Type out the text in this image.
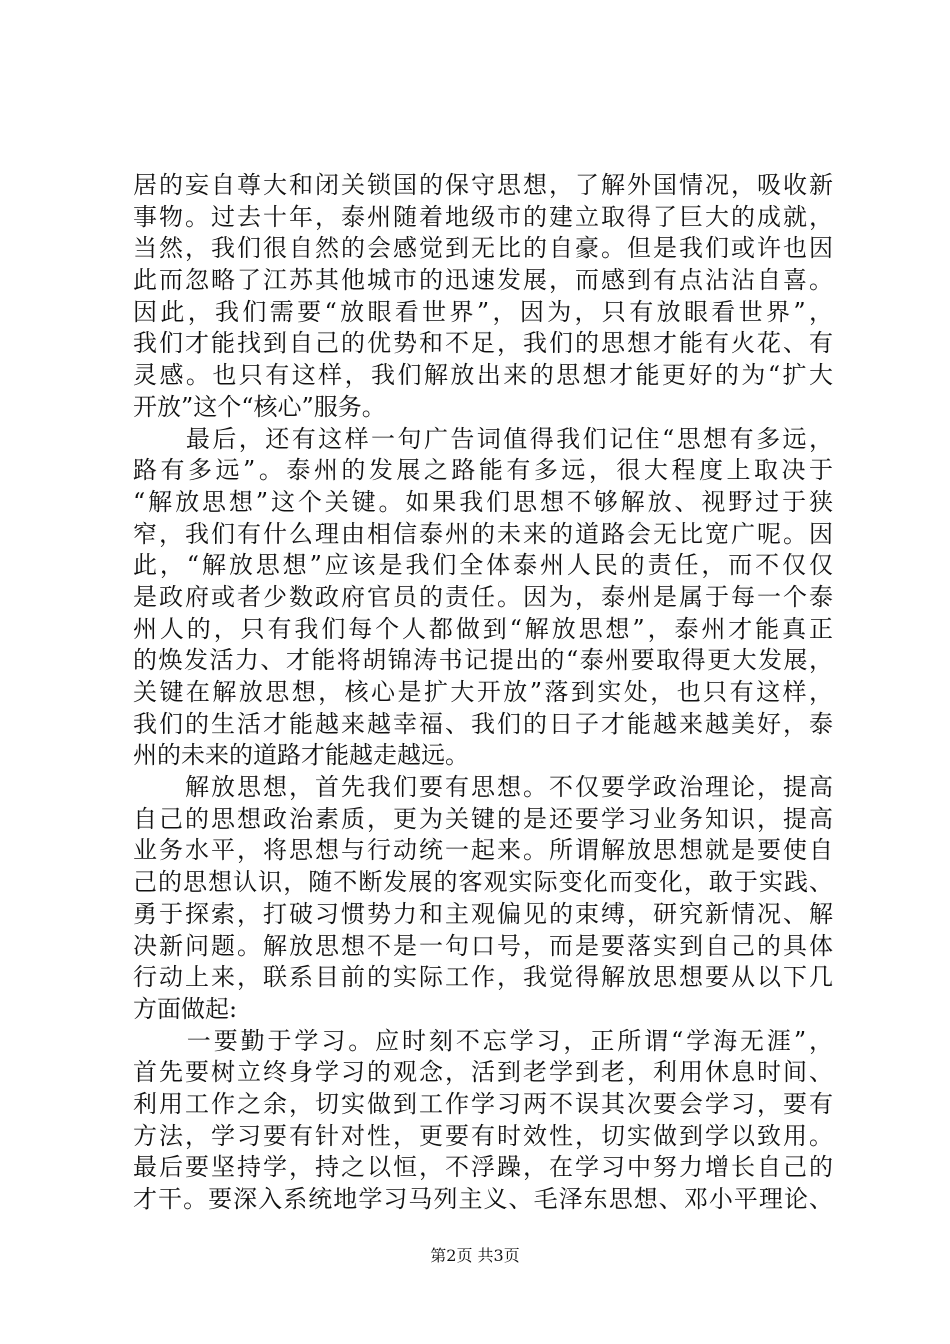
居的妄自尊大和闭关锁国的保守思想，了解外国情况，吸收新
事物。过去十年，泰州随着地级市的建立取得了巨大的成就，
当然，我们很自然的会感觉到无比的自豪。但是我们或许也因
此而忽略了江苏其他城市的迅速发展，而感到有点沾沾自喜。
因此，我们需要“放眼看世界”，因为，只有放眼看世界”，
我们才能找到自己的优势和不足，我们的思想才能有火花、有
灵感。也只有这样，我们解放出来的思想才能更好的为“扩大
开放”这个“核心”服务。
　　最后，还有这样一句广告词值得我们记住“思想有多远，
路有多远”。泰州的发展之路能有多远，很大程度上取决于
“解放思想”这个关键。如果我们思想不够解放、视野过于狭
窄，我们有什么理由相信泰州的未来的道路会无比宽广呢。因
此，“解放思想”应该是我们全体泰州人民的责任，而不仅仅
是政府或者少数政府官员的责任。因为，泰州是属于每一个泰
州人的，只有我们每个人都做到“解放思想”，泰州才能真正
的焕发活力、才能将胡锦涛书记提出的“泰州要取得更大发展，
关键在解放思想，核心是扩大开放”落到实处，也只有这样，
我们的生活才能越来越幸福、我们的日子才能越来越美好，泰
州的未来的道路才能越走越远。
　　解放思想，首先我们要有思想。不仅要学政治理论，提高
自己的思想政治素质，更为关键的是还要学习业务知识，提高
业务水平，将思想与行动统一起来。所谓解放思想就是要使自
己的思想认识，随不断发展的客观实际变化而变化，敢于实践、
勇于探索，打破习惯势力和主观偏见的束缚，研究新情况、解
决新问题。解放思想不是一句口号，而是要落实到自己的具体
行动上来，联系目前的实际工作，我觉得解放思想要从以下几
方面做起:
　　一要勤于学习。应时刻不忘学习，正所谓“学海无涯”，
首先要树立终身学习的观念，活到老学到老，利用休息时间、
利用工作之余，切实做到工作学习两不误其次要会学习，要有
方法，学习要有针对性，更要有时效性，切实做到学以致用。
最后要坚持学，持之以恒，不浮躁，在学习中努力增长自己的
才干。要深入系统地学习马列主义、毛泽东思想、邓小平理论、
第2页 共3页
